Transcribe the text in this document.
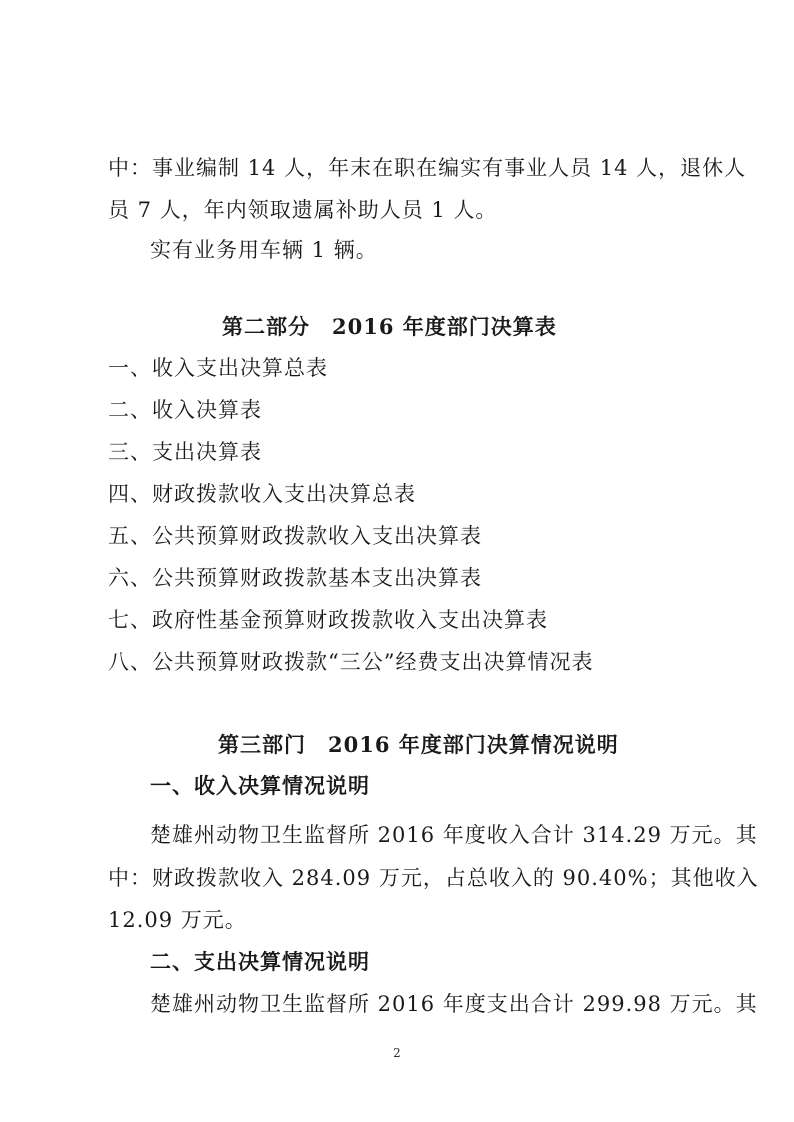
中：事业编制 14 人，年末在职在编实有事业人员 14 人，退休人
员 7 人，年内领取遗属补助人员 1 人。
实有业务用车辆 1 辆。
第二部分　2016 年度部门决算表
一、收入支出决算总表
二、收入决算表
三、支出决算表
四、财政拨款收入支出决算总表
五、公共预算财政拨款收入支出决算表
六、公共预算财政拨款基本支出决算表
七、政府性基金预算财政拨款收入支出决算表
八、公共预算财政拨款“三公”经费支出决算情况表
第三部门　2016 年度部门决算情况说明
一、收入决算情况说明
楚雄州动物卫生监督所 2016 年度收入合计 314.29 万元。其
中：财政拨款收入 284.09 万元，占总收入的 90.40%；其他收入
12.09 万元。
二、支出决算情况说明
楚雄州动物卫生监督所 2016 年度支出合计 299.98 万元。其
2
